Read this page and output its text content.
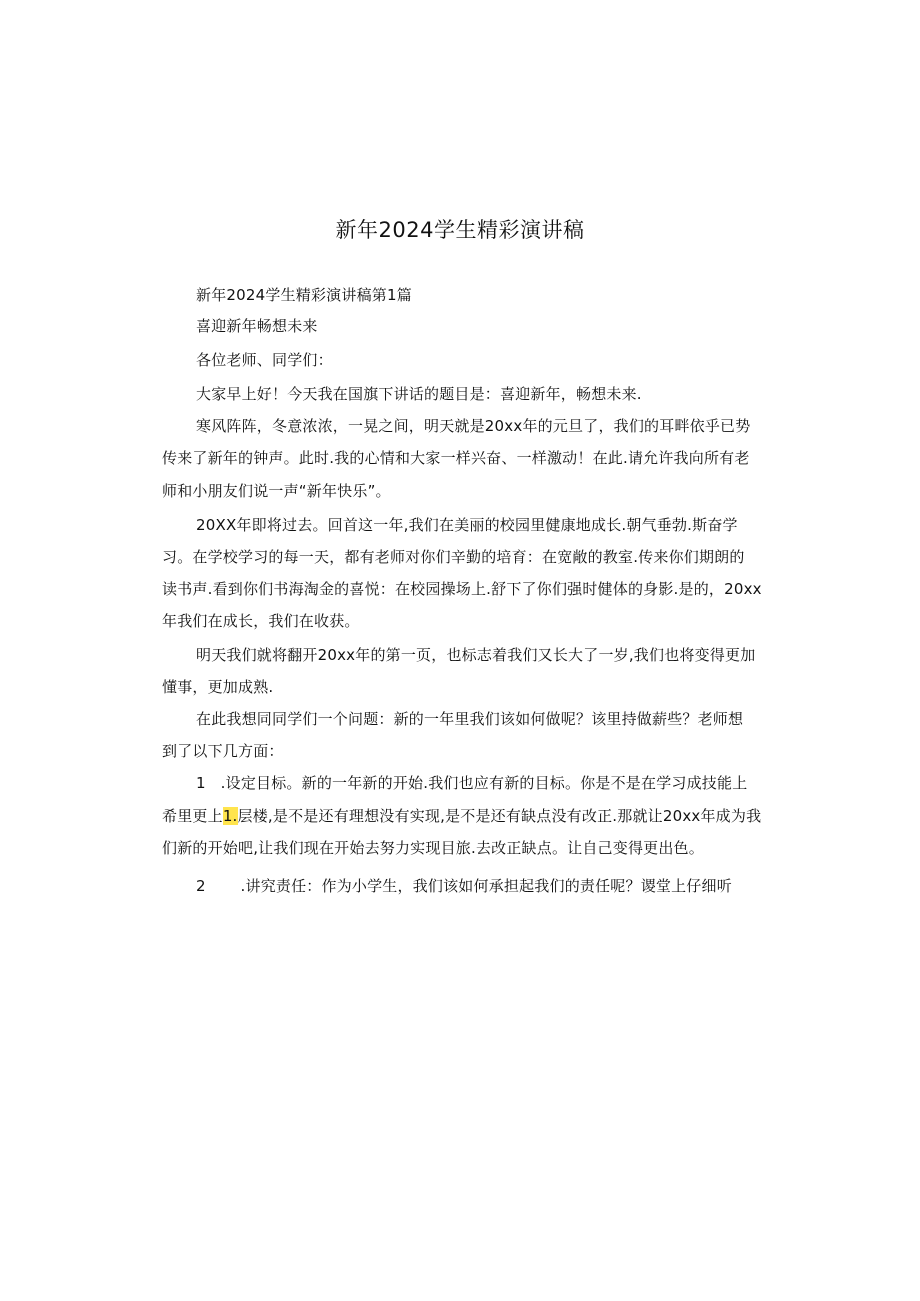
新年2024学生精彩演讲稿
新年2024学生精彩演讲稿第1篇
喜迎新年畅想未来
各位老师、同学们：
大家早上好！今天我在国旗下讲话的题目是：喜迎新年，畅想未来.
寒风阵阵，冬意浓浓，一晃之间，明天就是20xx年的元旦了，我们的耳畔依乎已势
传来了新年的钟声。此时.我的心情和大家一样兴奋、一样激动！在此.请允许我向所有老
师和小朋友们说一声“新年快乐”。
20XX年即将过去。回首这一年,我们在美丽的校园里健康地成长.朝气垂勃.斯奋学
习。在学校学习的每一天，都有老师对你们辛勤的培育：在宽敞的教室.传来你们期朗的
读书声.看到你们书海淘金的喜悦：在校园操场上.舒下了你们强时健体的身影.是的，20xx
年我们在成长，我们在收获。
明天我们就将翻开20xx年的第一页，也标志着我们又长大了一岁,我们也将变得更加
懂事，更加成熟.
在此我想同同学们一个问题：新的一年里我们该如何做呢？该里持做薪些？老师想
到了以下几方面：
1 .设定目标。新的一年新的开始.我们也应有新的目标。你是不是在学习成技能上
希里更上1.层楼,是不是还有理想没有实现,是不是还有缺点没有改正.那就让20xx年成为我
们新的开始吧,让我们现在开始去努力实现目旅.去改正缺点。让自己变得更出色。
2 .讲究责任：作为小学生，我们该如何承担起我们的责任呢？谡堂上仔细听
